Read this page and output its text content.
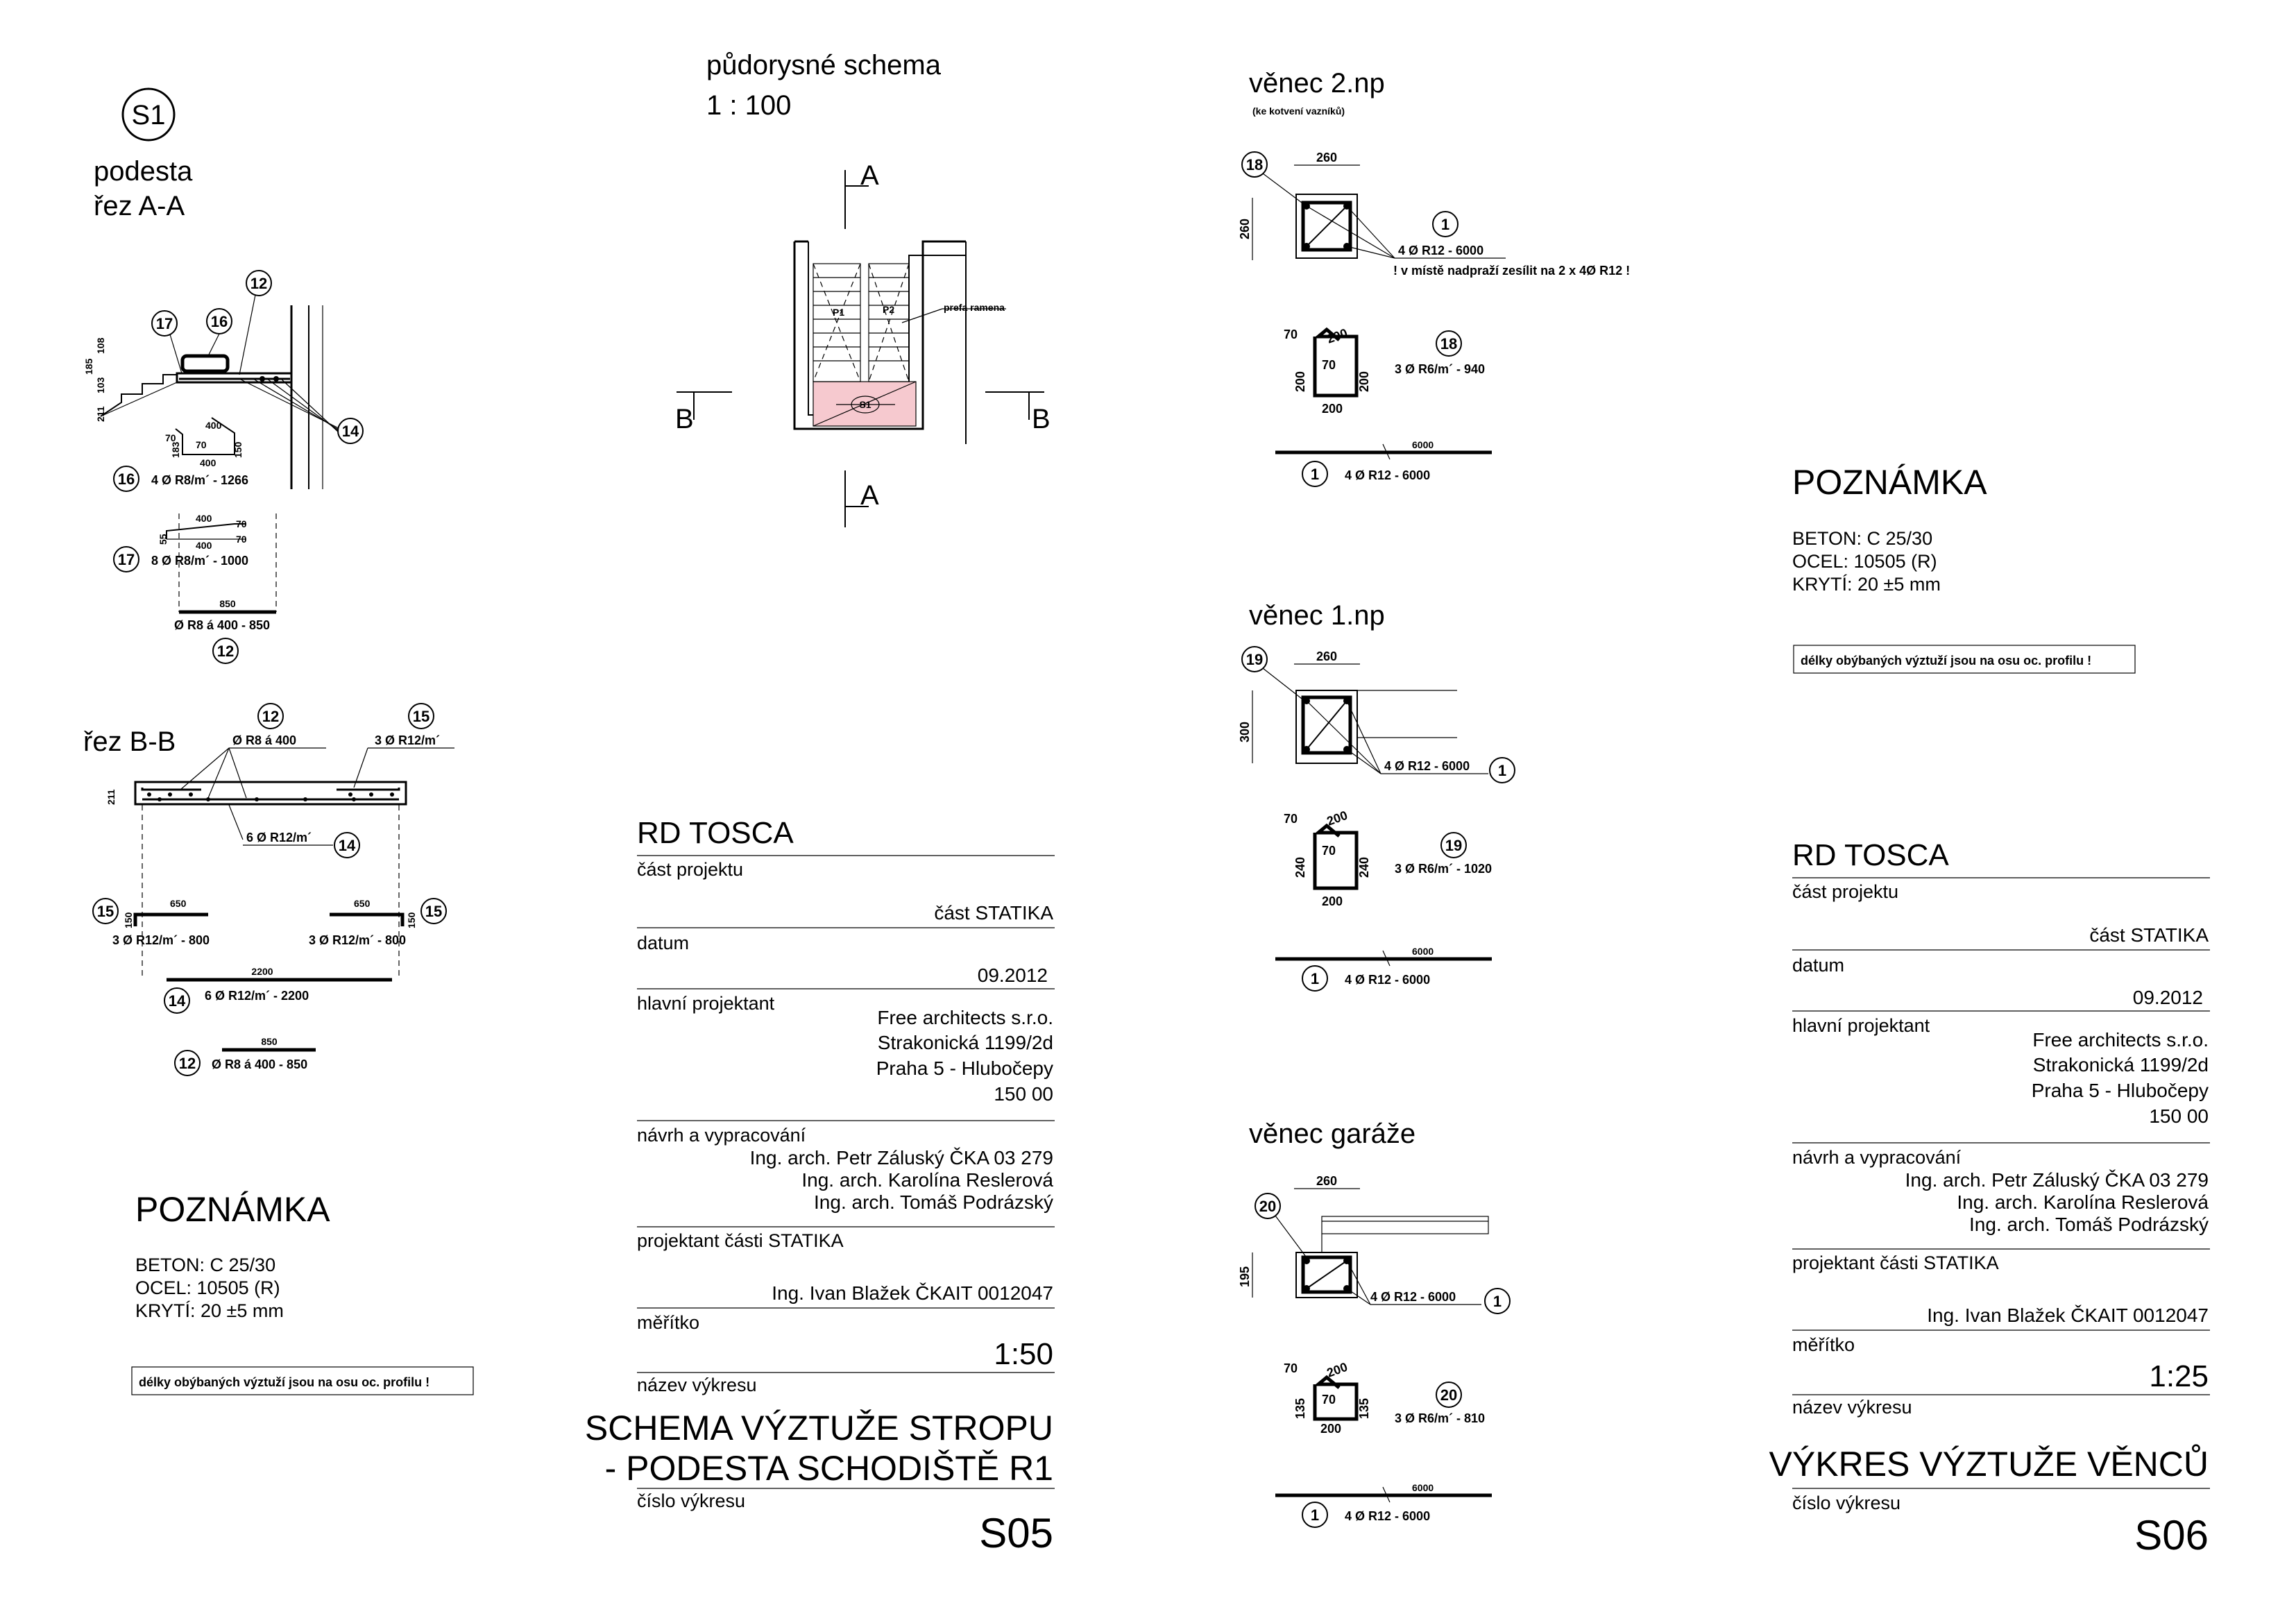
S1
podesta
řez A-A
108
103
185
211
17 16
12
14
400
70
70
183	150
400
16 4 Ø R8/m´ - 1266
400
400
55
70
70
17 8 Ø R8/m´ - 1000
850
Ø R8 á 400 - 850
12
řez B-B
12
Ø R8 á 400
15
3 Ø R12/m´
211
6 Ø R12/m´ 14
15	650
150
3 Ø R12/m´ - 800
650
150
3 Ø R12/m´ - 800
15
2200
14 6 Ø R12/m´ - 2200
850
12 Ø R8 á 400 - 850
POZNÁMKA
BETON: C 25/30
OCEL: 10505 (R)
KRYTÍ: 20 ±5 mm
délky obýbaných výztuží jsou na osu oc. profilu !
půdorysné schema
1 : 100
A
P1	P2	prefa ramena
S1
B	B
A
RD TOSCA
část projektu
část STATIKA
datum
09.2012
hlavní projektant
Free architects s.r.o.
Strakonická 1199/2d
Praha 5 - Hlubočepy
150 00
návrh a vypracování
Ing. arch. Petr Záluský ČKA 03 279
Ing. arch. Karolína Reslerová
Ing. arch. Tomáš Podrázský
projektant části STATIKA
Ing. Ivan Blažek ČKAIT 0012047
měřítko
1:50
název výkresu
SCHEMA VÝZTUŽE STROPU
- PODESTA SCHODIŠTĚ R1
číslo výkresu
S05
věnec 2.np
(ke kotvení vazníků)
260
260
18
1
4 Ø R12 - 6000
! v místě nadpraží zesílit na 2 x 4Ø R12 !
70 200
70
200	200
200
18
3 Ø R6/m´ - 940
6000
1 4 Ø R12 - 6000
věnec 1.np
260
300
19
4 Ø R12 - 6000 1
70 200
70
240	240
200
19
3 Ø R6/m´ - 1020
6000
1 4 Ø R12 - 6000
věnec garáže
260
195
20
4 Ø R12 - 6000 1
70 200
70
135	135
200
20
3 Ø R6/m´ - 810
6000
1 4 Ø R12 - 6000
POZNÁMKA
BETON: C 25/30
OCEL: 10505 (R)
KRYTÍ: 20 ±5 mm
délky obýbaných výztuží jsou na osu oc. profilu !
RD TOSCA
část projektu
část STATIKA
datum
09.2012
hlavní projektant
Free architects s.r.o.
Strakonická 1199/2d
Praha 5 - Hlubočepy
150 00
návrh a vypracování
Ing. arch. Petr Záluský ČKA 03 279
Ing. arch. Karolína Reslerová
Ing. arch. Tomáš Podrázský
projektant části STATIKA
Ing. Ivan Blažek ČKAIT 0012047
měřítko
1:25
název výkresu
VÝKRES VÝZTUŽE VĚNCŮ
číslo výkresu
S06
